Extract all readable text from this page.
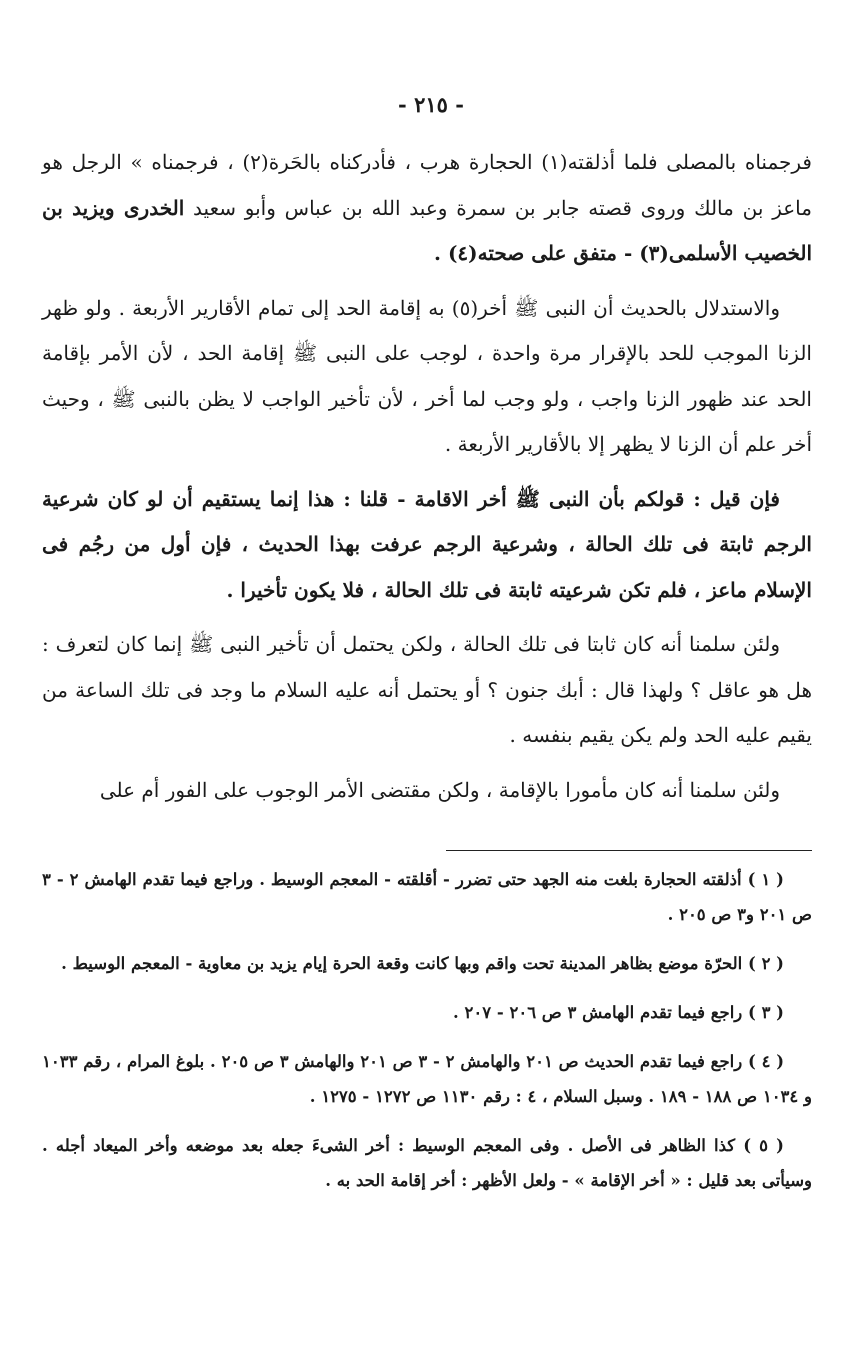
- ٢١٥ -

فرجمناه بالمصلى فلما أذلقته(١) الحجارة هرب ، فأدركناه بالحَرة(٢) ، فرجمناه » الرجل هو ماعز بن مالك وروى قصته جابر بن سمرة وعبد الله بن عباس وأبو سعيد الخدرى ويزيد بن الخصيب الأسلمى(٣) - متفق على صحته(٤) .

والاستدلال بالحديث أن النبى ﷺ أخر(٥) به إقامة الحد إلى تمام الأقارير الأربعة . ولو ظهر الزنا الموجب للحد بالإقرار مرة واحدة ، لوجب على النبى ﷺ إقامة الحد ، لأن الأمر بإقامة الحد عند ظهور الزنا واجب ، ولو وجب لما أخر ، لأن تأخير الواجب لا يظن بالنبى ﷺ ، وحيث أخر علم أن الزنا لا يظهر إلا بالأقارير الأربعة .

فإن قيل : قولكم بأن النبى ﷺ أخر الاقامة - قلنا : هذا إنما يستقيم أن لو كان شرعية الرجم ثابتة فى تلك الحالة ، وشرعية الرجم عرفت بهذا الحديث ، فإن أول من رجُم فى الإسلام ماعز ، فلم تكن شرعيته ثابتة فى تلك الحالة ، فلا يكون تأخيرا .

ولئن سلمنا أنه كان ثابتا فى تلك الحالة ، ولكن يحتمل أن تأخير النبى ﷺ إنما كان لتعرف : هل هو عاقل ؟ ولهذا قال : أبك جنون ؟ أو يحتمل أنه عليه السلام ما وجد فى تلك الساعة من يقيم عليه الحد ولم يكن يقيم بنفسه .

ولئن سلمنا أنه كان مأمورا بالإقامة ، ولكن مقتضى الأمر الوجوب على الفور أم على

( ١ ) أذلقته الحجارة بلغت منه الجهد حتى تضرر - أقلقته - المعجم الوسيط . وراجع فيما تقدم الهامش ٢ - ٣ ص ٢٠١ و٣ ص ٢٠٥ .

( ٢ ) الحرّة موضع بظاهر المدينة تحت واقم وبها كانت وقعة الحرة إيام يزيد بن معاوية - المعجم الوسيط .

( ٣ ) راجع فيما تقدم الهامش ٣ ص ٢٠٦ - ٢٠٧ .

( ٤ ) راجع فيما تقدم الحديث ص ٢٠١ والهامش ٢ - ٣ ص ٢٠١ والهامش ٣ ص ٢٠٥ . بلوغ المرام ، رقم ١٠٣٣ و ١٠٣٤ ص ١٨٨ - ١٨٩ . وسبل السلام ، ٤ : رقم ١١٣٠ ص ١٢٧٢ - ١٢٧٥ .

( ٥ ) كذا الظاهر فى الأصل . وفى المعجم الوسيط : أخر الشىءَ جعله بعد موضعه وأخر الميعاد أجله . وسيأتى بعد قليل : « أخر الإقامة » - ولعل الأظهر : أخر إقامة الحد به .
